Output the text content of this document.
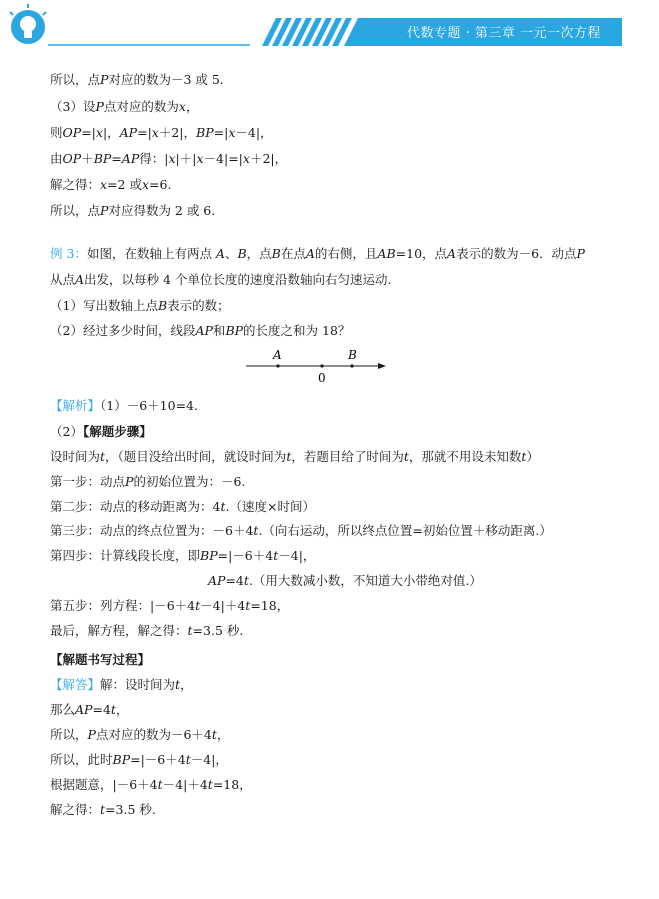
代数专题 · 第三章 一元一次方程
所以，点P对应的数为－3 或 5.
（3）设P点对应的数为x，
则OP=|x|，AP=|x＋2|，BP=|x－4|，
由OP＋BP=AP得：|x|＋|x－4|=|x＋2|，
解之得：x=2 或x=6.
所以，点P对应得数为 2 或 6.
例 3：如图，在数轴上有两点 A、B，点B在点A的右侧，且AB=10，点A表示的数为－6．动点P
从点A出发，以每秒 4 个单位长度的速度沿数轴向右匀速运动.
（1）写出数轴上点B表示的数；
（2）经过多少时间，线段AP和BP的长度之和为 18？
A	B
0
【解析】（1）－6＋10=4.
（2）【解题步骤】
设时间为t，（题目没给出时间，就设时间为t，若题目给了时间为t，那就不用设未知数t）
第一步：动点P的初始位置为：－6.
第二步：动点的移动距离为：4t.（速度×时间）
第三步：动点的终点位置为：－6＋4t.（向右运动，所以终点位置=初始位置＋移动距离.）
第四步：计算线段长度，即BP=|－6＋4t－4|，
AP=4t.（用大数减小数，不知道大小带绝对值.）
第五步：列方程：|－6＋4t－4|＋4t=18，
最后，解方程，解之得：t=3.5 秒.
【解题书写过程】
【解答】解：设时间为t，
那么AP=4t，
所以，P点对应的数为－6＋4t，
所以，此时BP=|－6＋4t－4|，
根据题意，|－6＋4t－4|＋4t=18，
解之得：t=3.5 秒.
